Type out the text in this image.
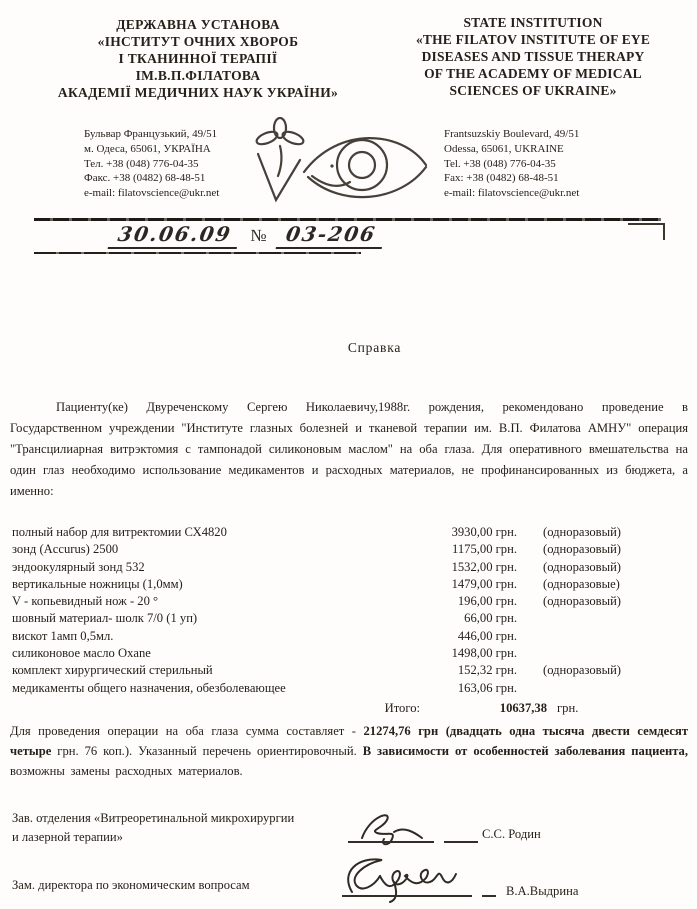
ДЕРЖАВНА УСТАНОВА
«ІНСТИТУТ ОЧНИХ ХВОРОБ
І ТКАНИННОЇ ТЕРАПІЇ
ІМ.В.П.ФІЛАТОВА
АКАДЕМІЇ МЕДИЧНИХ НАУК УКРАЇНИ»
STATE INSTITUTION
«THE FILATOV INSTITUTE OF EYE
DISEASES AND TISSUE THERAPY
OF THE ACADEMY OF MEDICAL
SCIENCES OF UKRAINE»
Бульвар Французький, 49/51
м. Одеса, 65061, УКРАЇНА
Тел. +38 (048) 776-04-35
Факс. +38 (0482) 68-48-51
e-mail: filatovscience@ukr.net
Frantsuzskiy Boulevard, 49/51
Odessa, 65061, UKRAINE
Tel. +38 (048) 776-04-35
Fax: +38 (0482) 68-48-51
e-mail: filatovscience@ukr.net
30.06.09 № 03-206
Справка
Пациенту(ке) Двуреченскому Сергею Николаевичу,1988г. рождения, рекомендовано проведение в Государственном учреждении "Институте глазных болезней и тканевой терапии им. В.П. Филатова АМНУ" операция "Трансцилиарная витрэктомия с тампонадой силиконовым маслом" на оба глаза. Для оперативного вмешательства на один глаз необходимо использование медикаментов и расходных материалов, не профинансированных из бюджета, а именно:
полный набор для витректомии СХ4820	3930,00 грн. (одноразовый)
зонд (Accurus) 2500	1175,00 грн. (одноразовый)
эндоокулярный зонд 532	1532,00 грн. (одноразовый)
вертикальные ножницы (1,0мм)	1479,00 грн. (одноразовые)
V - копьевидный нож - 20 °	196,00 грн. (одноразовый)
шовный материал- шолк 7/0 (1 уп)	66,00 грн.
вискот 1амп 0,5мл.	446,00 грн.
силиконовое масло Oxane	1498,00 грн.
комплект хирургический стерильный	152,32 грн. (одноразовый)
медикаменты общего назначения, обезболевающее	163,06 грн.
Итого:	10637,38 грн.
Для проведения операции на оба глаза сумма составляет - 21274,76 грн (двадцать одна тысяча двести семдесят четыре грн. 76 коп.). Указанный перечень ориентировочный. В зависимости от особенностей заболевания пациента, возможны замены расходных материалов.
Зав. отделения «Витреоретинальной микрохирургии
и лазерной терапии»	С.С. Родин
Зам. директора по экономическим вопросам	В.А.Выдрина
